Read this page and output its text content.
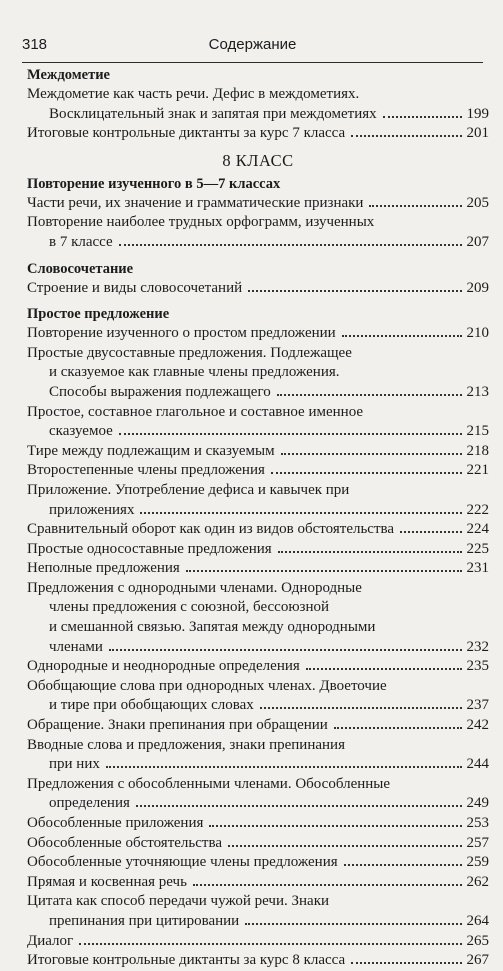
318	Содержание
Междометие
Междометие как часть речи. Дефис в междометиях.
Восклицательный знак и запятая при междометиях	199
Итоговые контрольные диктанты за курс 7 класса	201
8 КЛАСС
Повторение изученного в 5—7 классах
Части речи, их значение и грамматические признаки	205
Повторение наиболее трудных орфограмм, изученных
в 7 классе	207
Словосочетание
Строение и виды словосочетаний	209
Простое предложение
Повторение изученного о простом предложении	210
Простые двусоставные предложения. Подлежащее
и сказуемое как главные члены предложения.
Способы выражения подлежащего	213
Простое, составное глагольное и составное именное
сказуемое	215
Тире между подлежащим и сказуемым	218
Второстепенные члены предложения	221
Приложение. Употребление дефиса и кавычек при
приложениях	222
Сравнительный оборот как один из видов обстоятельства	224
Простые односоставные предложения	225
Неполные предложения	231
Предложения с однородными членами. Однородные
члены предложения с союзной, бессоюзной
и смешанной связью. Запятая между однородными
членами	232
Однородные и неоднородные определения	235
Обобщающие слова при однородных членах. Двоеточие
и тире при обобщающих словах	237
Обращение. Знаки препинания при обращении	242
Вводные слова и предложения, знаки препинания
при них	244
Предложения с обособленными членами. Обособленные
определения	249
Обособленные приложения	253
Обособленные обстоятельства	257
Обособленные уточняющие члены предложения	259
Прямая и косвенная речь	262
Цитата как способ передачи чужой речи. Знаки
препинания при цитировании	264
Диалог	265
Итоговые контрольные диктанты за курс 8 класса	267
